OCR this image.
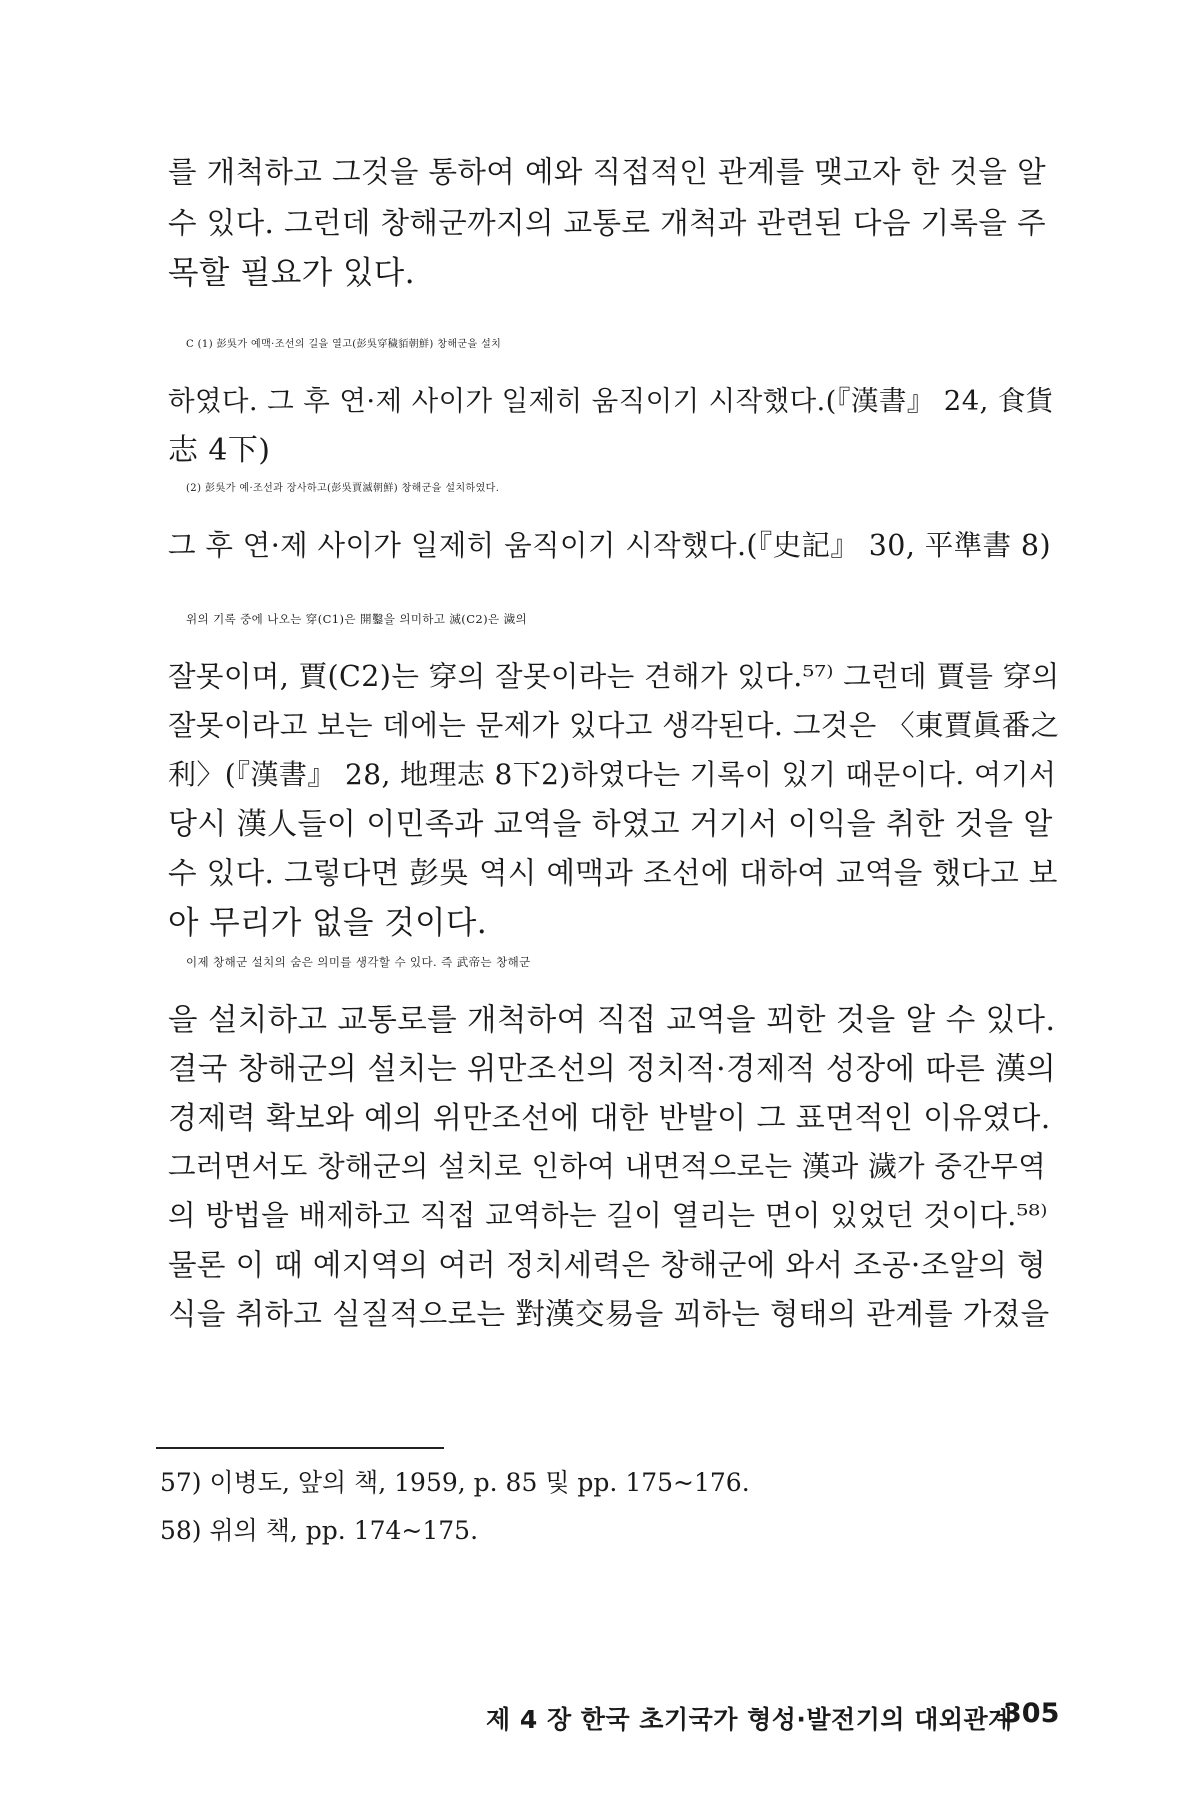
를 개척하고 그것을 통하여 예와 직접적인 관계를 맺고자 한 것을 알
수 있다. 그런데 창해군까지의 교통로 개척과 관련된 다음 기록을 주
목할 필요가 있다.
C (1) 彭吳가 예맥·조선의 길을 열고(彭吳穿穢貊朝鮮) 창해군을 설치
하였다. 그 후 연·제 사이가 일제히 움직이기 시작했다.(『漢書』 24, 食貨
志 4下)
(2) 彭吳가 예·조선과 장사하고(彭吳賈滅朝鮮) 창해군을 설치하였다.
그 후 연·제 사이가 일제히 움직이기 시작했다.(『史記』 30, 平準書 8)
위의 기록 중에 나오는 穿(C1)은 開鑿을 의미하고 滅(C2)은 濊의
잘못이며, 賈(C2)는 穿의 잘못이라는 견해가 있다.⁵⁷⁾ 그런데 賈를 穿의
잘못이라고 보는 데에는 문제가 있다고 생각된다. 그것은 〈東賈眞番之
利〉(『漢書』 28, 地理志 8下2)하였다는 기록이 있기 때문이다. 여기서
당시 漢人들이 이민족과 교역을 하였고 거기서 이익을 취한 것을 알
수 있다. 그렇다면 彭吳 역시 예맥과 조선에 대하여 교역을 했다고 보
아 무리가 없을 것이다.
이제 창해군 설치의 숨은 의미를 생각할 수 있다. 즉 武帝는 창해군
을 설치하고 교통로를 개척하여 직접 교역을 꾀한 것을 알 수 있다.
결국 창해군의 설치는 위만조선의 정치적·경제적 성장에 따른 漢의
경제력 확보와 예의 위만조선에 대한 반발이 그 표면적인 이유였다.
그러면서도 창해군의 설치로 인하여 내면적으로는 漢과 濊가 중간무역
의 방법을 배제하고 직접 교역하는 길이 열리는 면이 있었던 것이다.⁵⁸⁾
물론 이 때 예지역의 여러 정치세력은 창해군에 와서 조공·조알의 형
식을 취하고 실질적으로는 對漢交易을 꾀하는 형태의 관계를 가졌을
57) 이병도, 앞의 책, 1959, p. 85 및 pp. 175~176.
58) 위의 책, pp. 174~175.
제 4 장 한국 초기국가 형성·발전기의 대외관계
305
